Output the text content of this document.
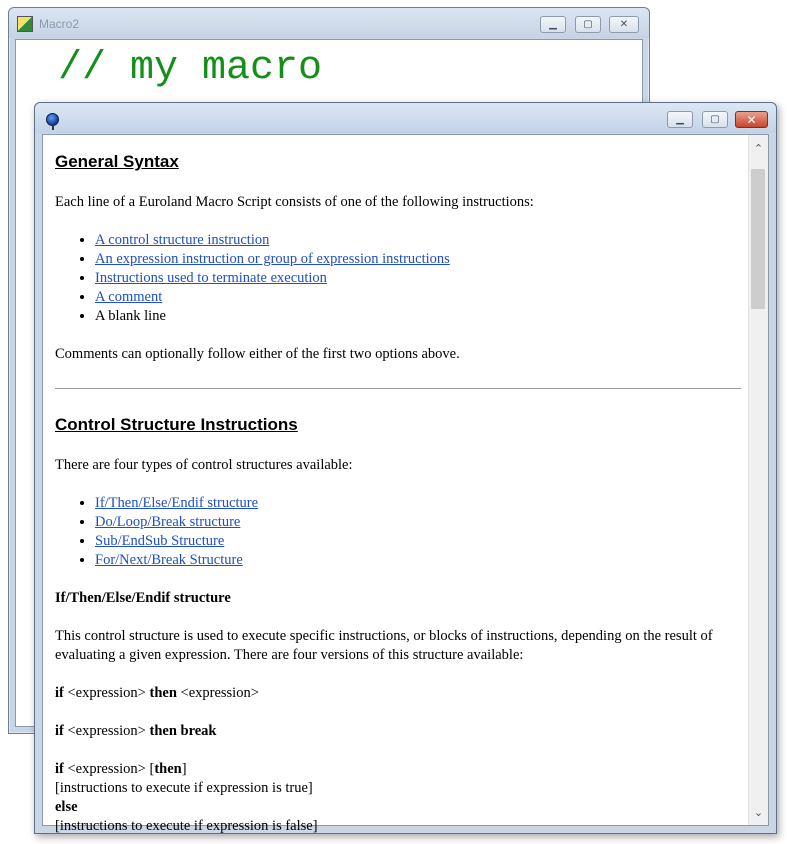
Macro2	▁	▢	✕
// my macro
▁	▢ ✕
General Syntax

Each line of a Euroland Macro Script consists of one of the following instructions:

• A control structure instruction
• An expression instruction or group of expression instructions
• Instructions used to terminate execution
• A comment
• A blank line

Comments can optionally follow either of the first two options above.

Control Structure Instructions

There are four types of control structures available:

• If/Then/Else/Endif structure
• Do/Loop/Break structure
• Sub/EndSub Structure
• For/Next/Break Structure

If/Then/Else/Endif structure

This control structure is used to execute specific instructions, or blocks of instructions, depending on the result of evaluating a given expression. There are four versions of this structure available:

if <expression> then <expression>

if <expression> then break

if <expression> [then]

[instructions to execute if expression is true]

else

[instructions to execute if expression is false]

⌃
⌄
